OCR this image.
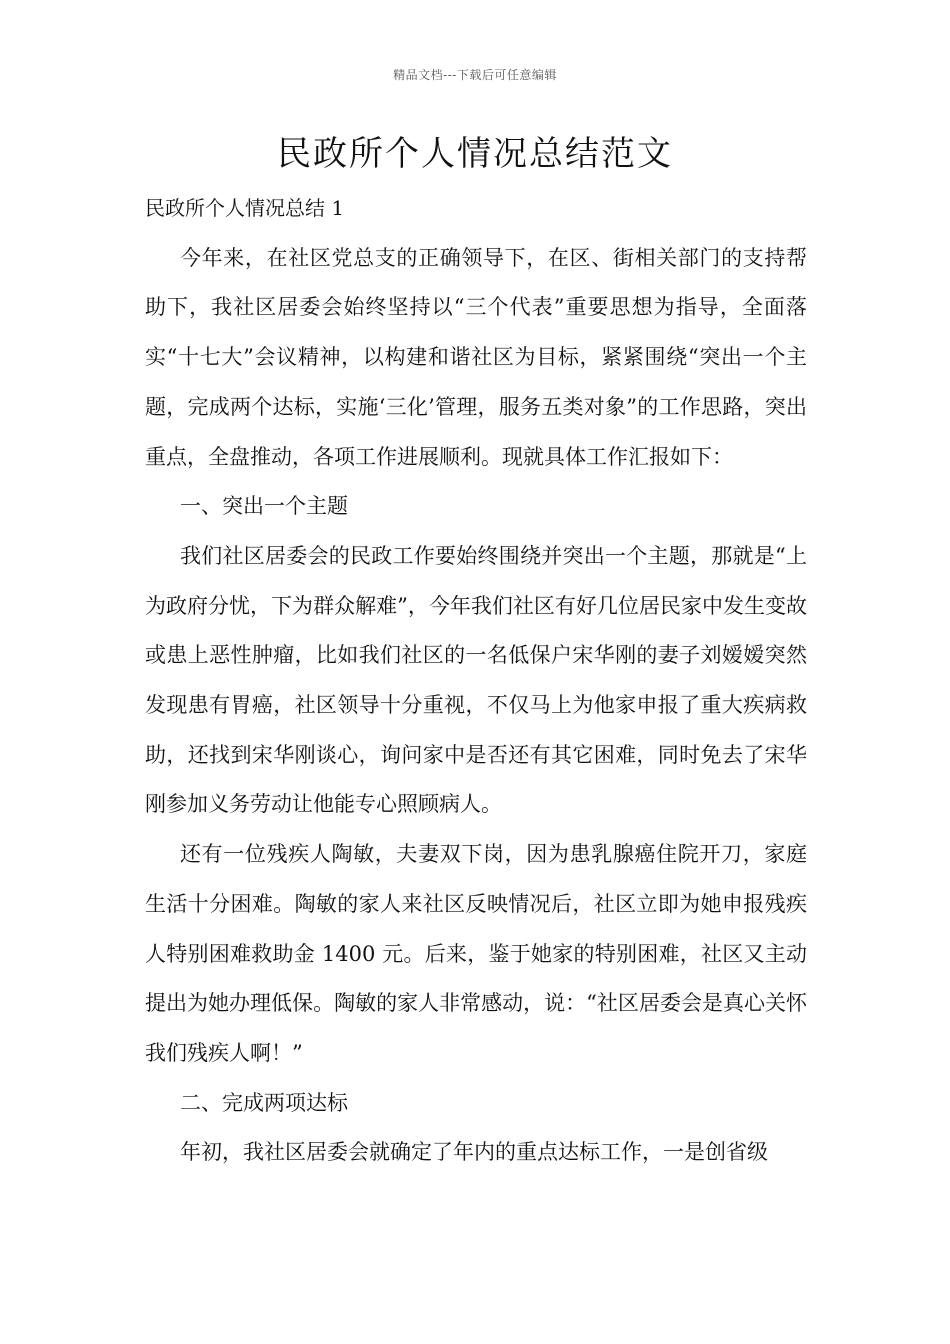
精品文档---下载后可任意编辑
民政所个人情况总结范文

民政所个人情况总结 1

今年来，在社区党总支的正确领导下，在区、街相关部门的支持帮助下，我社区居委会始终坚持以“三个代表”重要思想为指导，全面落实“十七大”会议精神，以构建和谐社区为目标，紧紧围绕“突出一个主题，完成两个达标，实施‘三化’管理，服务五类对象”的工作思路，突出重点，全盘推动，各项工作进展顺利。现就具体工作汇报如下：

一、突出一个主题

我们社区居委会的民政工作要始终围绕并突出一个主题，那就是“上为政府分忧，下为群众解难”，今年我们社区有好几位居民家中发生变故或患上恶性肿瘤，比如我们社区的一名低保户宋华刚的妻子刘嫒嫒突然发现患有胃癌，社区领导十分重视，不仅马上为他家申报了重大疾病救助，还找到宋华刚谈心，询问家中是否还有其它困难，同时免去了宋华刚参加义务劳动让他能专心照顾病人。

还有一位残疾人陶敏，夫妻双下岗，因为患乳腺癌住院开刀，家庭生活十分困难。陶敏的家人来社区反映情况后，社区立即为她申报残疾人特别困难救助金 1400 元。后来，鉴于她家的特别困难，社区又主动提出为她办理低保。陶敏的家人非常感动，说：“社区居委会是真心关怀我们残疾人啊！”

二、完成两项达标

年初，我社区居委会就确定了年内的重点达标工作，一是创省级
